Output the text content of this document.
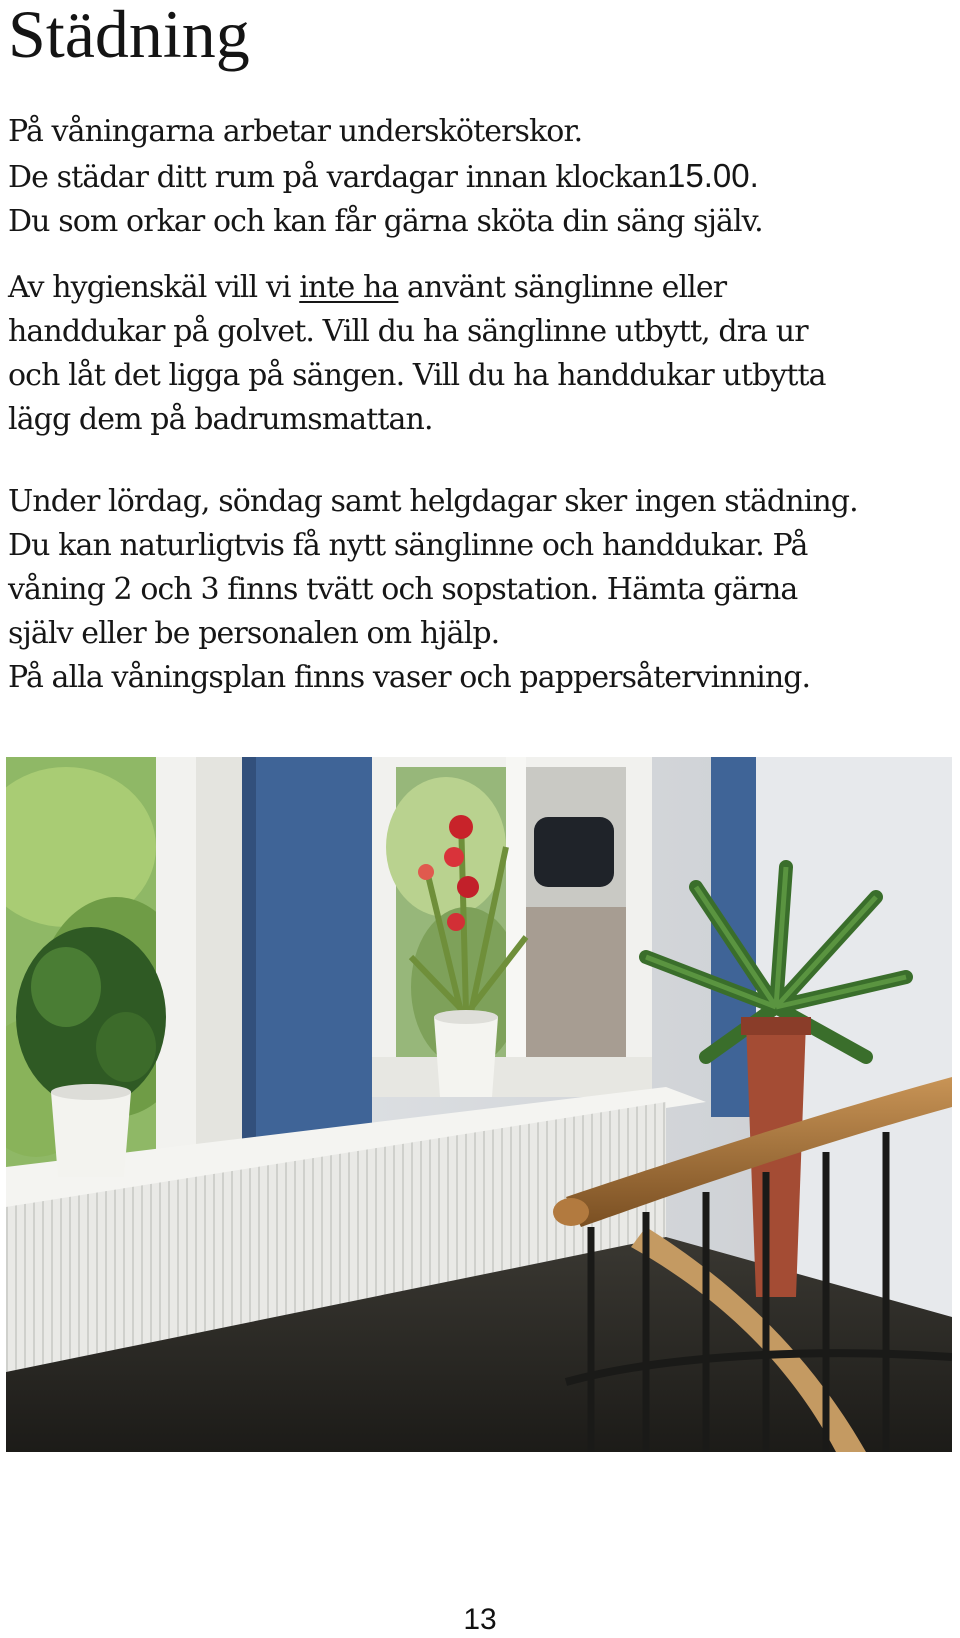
Städning
På våningarna arbetar undersköterskor.
De städar ditt rum på vardagar innan klockan15.00.
Du som orkar och kan får gärna sköta din säng själv.
Av hygienskäl vill vi inte ha använt sänglinne eller
handdukar på golvet. Vill du ha sänglinne utbytt, dra ur
och låt det ligga på sängen. Vill du ha handdukar utbytta
lägg dem på badrumsmattan.
Under lördag, söndag samt helgdagar sker ingen städning.
Du kan naturligtvis få nytt sänglinne och handdukar. På
våning 2 och 3 finns tvätt och sopstation. Hämta gärna
själv eller be personalen om hjälp.
På alla våningsplan finns vaser och pappersåtervinning.
13
